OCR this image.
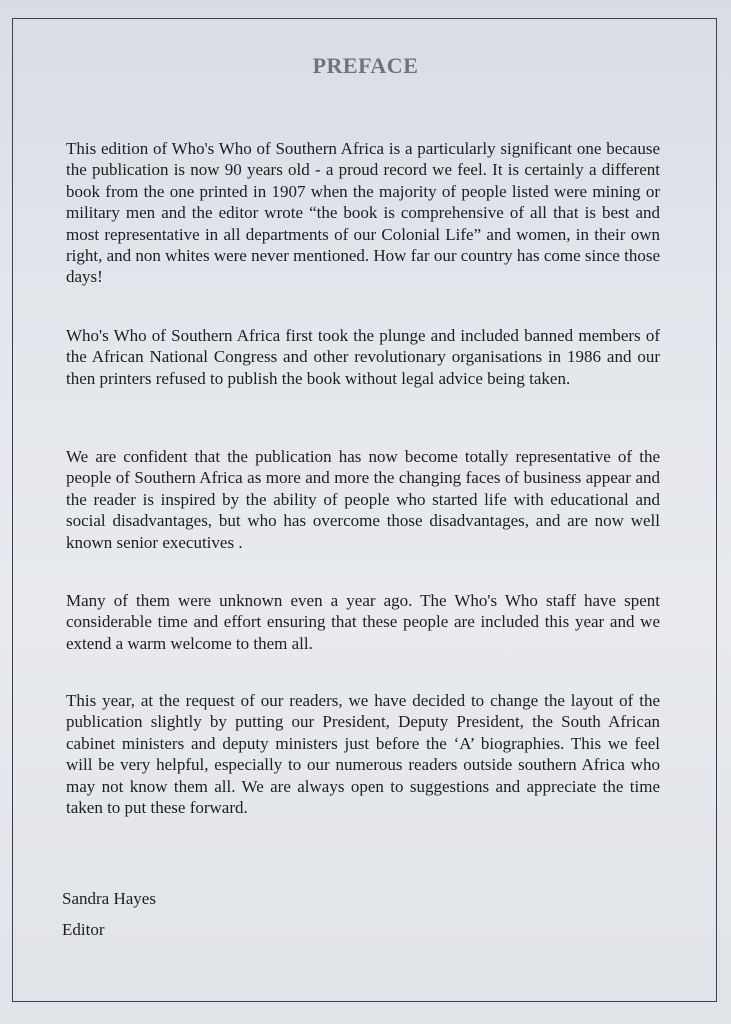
PREFACE

This edition of Who's Who of Southern Africa is a particularly significant one because the publication is now 90 years old - a proud record we feel. It is certainly a different book from the one printed in 1907 when the majority of people listed were mining or military men and the editor wrote “the book is comprehensive of all that is best and most representative in all departments of our Colonial Life” and women, in their own right, and non whites were never mentioned. How far our country has come since those days!

Who's Who of Southern Africa first took the plunge and included banned members of the African National Congress and other revolutionary organisations in 1986 and our then printers refused to publish the book without legal advice being taken.

We are confident that the publication has now become totally representative of the people of Southern Africa as more and more the changing faces of business appear and the reader is inspired by the ability of people who started life with educational and social disadvantages, but who has overcome those disadvantages, and are now well known senior executives .

Many of them were unknown even a year ago. The Who's Who staff have spent considerable time and effort ensuring that these people are included this year and we extend a warm welcome to them all.

This year, at the request of our readers, we have decided to change the layout of the publication slightly by putting our President, Deputy President, the South African cabinet ministers and deputy ministers just before the ‘A’ biographies. This we feel will be very helpful, especially to our numerous readers outside southern Africa who may not know them all. We are always open to suggestions and appreciate the time taken to put these forward.

Sandra Hayes
Editor
